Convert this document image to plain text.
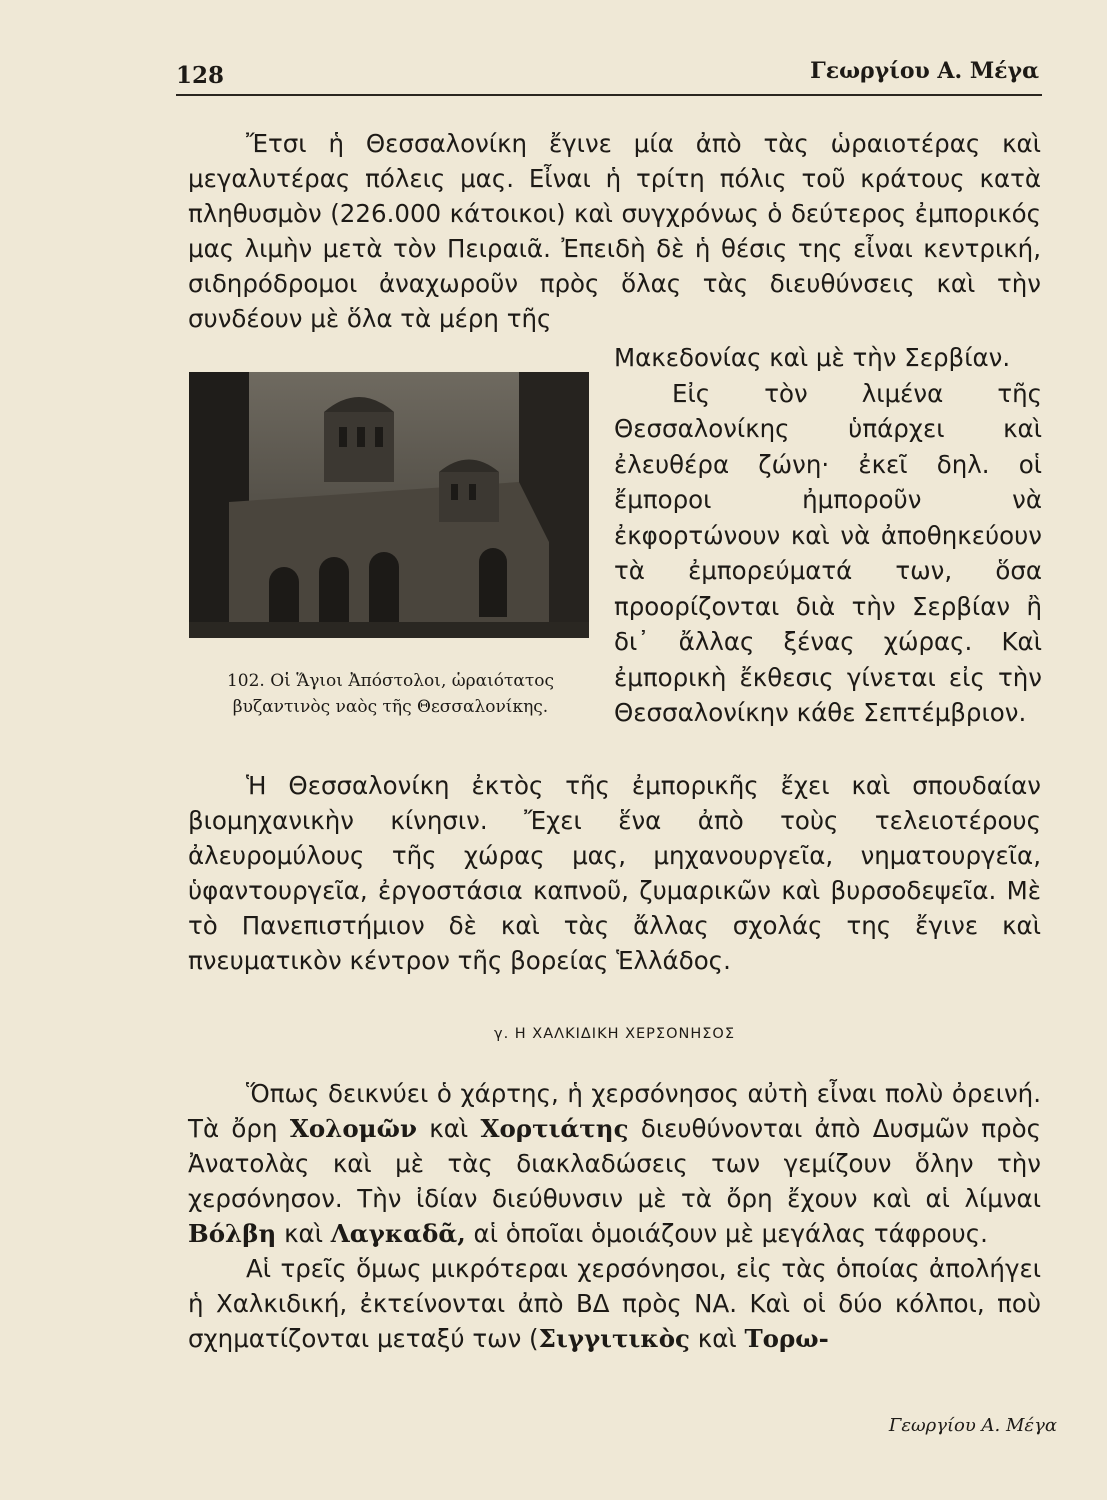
128	Γεωργίου Α. Μέγα

Ἔτσι ἡ Θεσσαλονίκη ἔγινε μία ἀπὸ τὰς ὡραιοτέρας καὶ μεγαλυτέρας πόλεις μας. Εἶναι ἡ τρίτη πόλις τοῦ κράτους κατὰ πληθυσμὸν (226.000 κάτοικοι) καὶ συγχρόνως ὁ δεύτερος ἐμπορικός μας λιμὴν μετὰ τὸν Πειραιᾶ. Ἐπειδὴ δὲ ἡ θέσις της εἶναι κεντρική, σιδηρόδρομοι ἀναχωροῦν πρὸς ὅλας τὰς διευθύνσεις καὶ τὴν συνδέουν μὲ ὅλα τὰ μέρη τῆς

Μακεδονίας καὶ μὲ τὴν Σερβίαν.

Εἰς τὸν λιμένα τῆς Θεσσαλονίκης ὑπάρχει καὶ ἐλευθέρα ζώνη· ἐκεῖ δηλ. οἱ ἔμποροι ἠμποροῦν νὰ ἐκφορτώνουν καὶ νὰ ἀποθηκεύουν τὰ ἐμπορεύματά των, ὅσα προορίζονται διὰ τὴν Σερβίαν ἢ δι᾿ ἄλλας ξένας χώρας. Καὶ ἐμπορικὴ ἔκθεσις γίνεται εἰς τὴν Θεσσαλονίκην κάθε Σεπτέμβριον.

102. Οἱ Ἅγιοι Ἀπόστολοι, ὡραιότατος βυζαντινὸς ναὸς τῆς Θεσσαλονίκης.

Ἡ Θεσσαλονίκη ἐκτὸς τῆς ἐμπορικῆς ἔχει καὶ σπουδαίαν βιομηχανικὴν κίνησιν. Ἔχει ἕνα ἀπὸ τοὺς τελειοτέρους ἀλευρομύλους τῆς χώρας μας, μηχανουργεῖα, νηματουργεῖα, ὑφαντουργεῖα, ἐργοστάσια καπνοῦ, ζυμαρικῶν καὶ βυρσοδεψεῖα. Μὲ τὸ Πανεπιστήμιον δὲ καὶ τὰς ἄλλας σχολάς της ἔγινε καὶ πνευματικὸν κέντρον τῆς βορείας Ἑλλάδος.

γ. Η ΧΑΛΚΙΔΙΚΗ ΧΕΡΣΟΝΗΣΟΣ

Ὅπως δεικνύει ὁ χάρτης, ἡ χερσόνησος αὐτὴ εἶναι πολὺ ὀρεινή. Τὰ ὄρη Χολομῶν καὶ Χορτιάτης διευθύνονται ἀπὸ Δυσμῶν πρὸς Ἀνατολὰς καὶ μὲ τὰς διακλαδώσεις των γεμίζουν ὅλην τὴν χερσόνησον. Τὴν ἰδίαν διεύθυνσιν μὲ τὰ ὄρη ἔχουν καὶ αἱ λίμναι Βόλβη καὶ Λαγκαδᾶ, αἱ ὁποῖαι ὁμοιάζουν μὲ μεγάλας τάφρους.

Αἱ τρεῖς ὅμως μικρότεραι χερσόνησοι, εἰς τὰς ὁποίας ἀπολήγει ἡ Χαλκιδική, ἐκτείνονται ἀπὸ ΒΔ πρὸς ΝΑ. Καὶ οἱ δύο κόλποι, ποὺ σχηματίζονται μεταξύ των (Σιγγιτικὸς καὶ Τορω-

Γεωργίου Α. Μέγα
